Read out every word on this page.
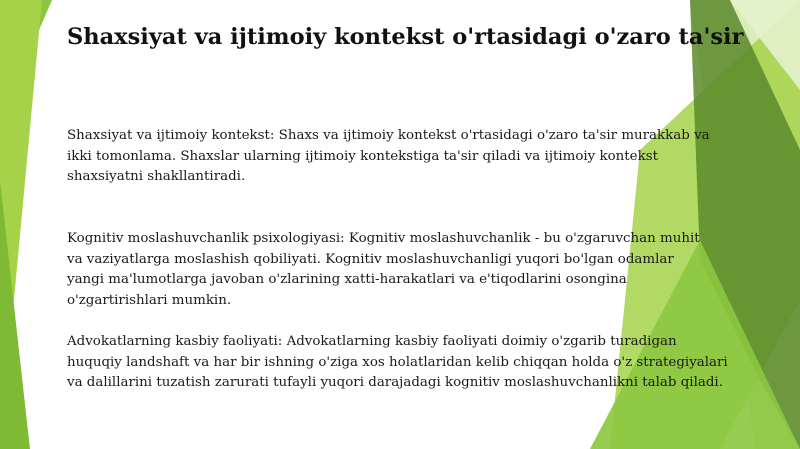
Shaxsiyat va ijtimoiy kontekst o'rtasidagi o'zaro ta'sir
Shaxsiyat va ijtimoiy kontekst: Shaxs va ijtimoiy kontekst o'rtasidagi o'zaro ta'sir murakkab va
ikki tomonlama. Shaxslar ularning ijtimoiy kontekstiga ta'sir qiladi va ijtimoiy kontekst
shaxsiyatni shakllantiradi.
Kognitiv moslashuvchanlik psixologiyasi: Kognitiv moslashuvchanlik - bu o'zgaruvchan muhit
va vaziyatlarga moslashish qobiliyati. Kognitiv moslashuvchanligi yuqori bo'lgan odamlar
yangi ma'lumotlarga javoban o'zlarining xatti-harakatlari va e'tiqodlarini osongina
o'zgartirishlari mumkin.
Advokatlarning kasbiy faoliyati: Advokatlarning kasbiy faoliyati doimiy o'zgarib turadigan
huquqiy landshaft va har bir ishning o'ziga xos holatlaridan kelib chiqqan holda o'z strategiyalari
va dalillarini tuzatish zarurati tufayli yuqori darajadagi kognitiv moslashuvchanlikni talab qiladi.
